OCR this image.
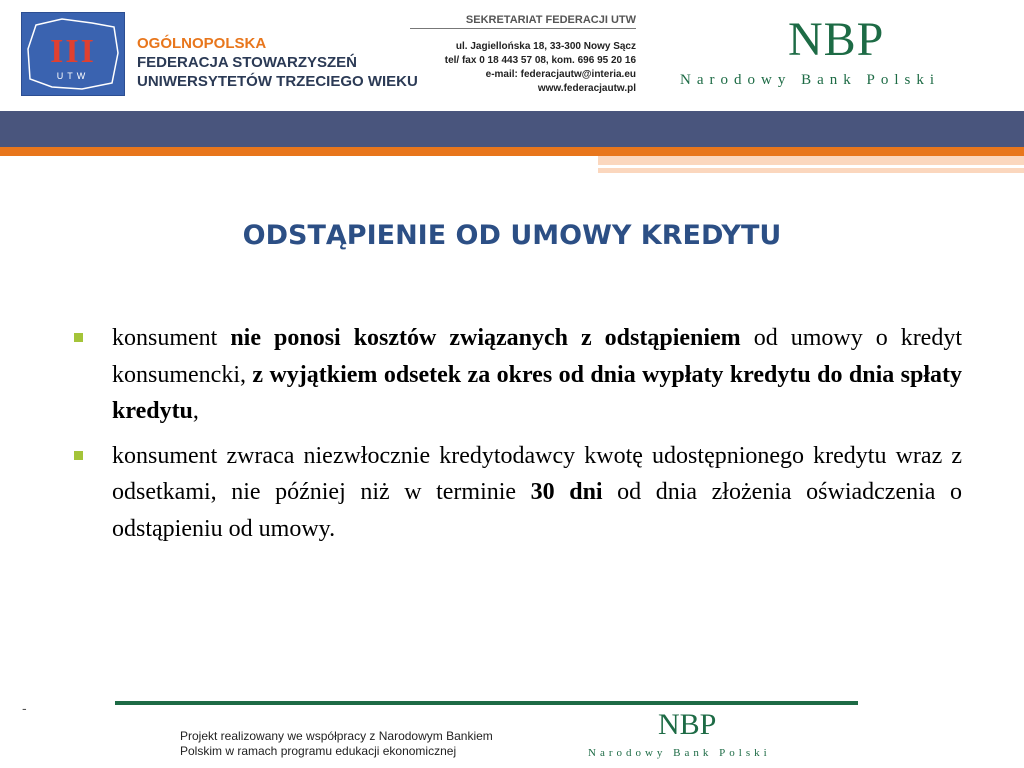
III
UTW
OGÓLNOPOLSKA
FEDERACJA STOWARZYSZEŃ
UNIWERSYTETÓW TRZECIEGO WIEKU
SEKRETARIAT FEDERACJI UTW
ul. Jagiellońska 18, 33-300 Nowy Sącz
tel/ fax 0 18 443 57 08, kom. 696 95 20 16
e-mail: federacjautw@interia.eu
www.federacjautw.pl
NBP
Narodowy Bank Polski
ODSTĄPIENIE OD UMOWY KREDYTU
konsument nie ponosi kosztów związanych z odstąpieniem od umowy o kredyt konsumencki, z wyjątkiem odsetek za okres od dnia wypłaty kredytu do dnia spłaty kredytu,
konsument zwraca niezwłocznie kredytodawcy kwotę udostępnionego kredytu wraz z odsetkami, nie później niż w terminie 30 dni od dnia złożenia oświadczenia o odstąpieniu od umowy.
-
Projekt realizowany we współpracy z Narodowym Bankiem
Polskim w ramach programu edukacji ekonomicznej
NBP
Narodowy Bank Polski
